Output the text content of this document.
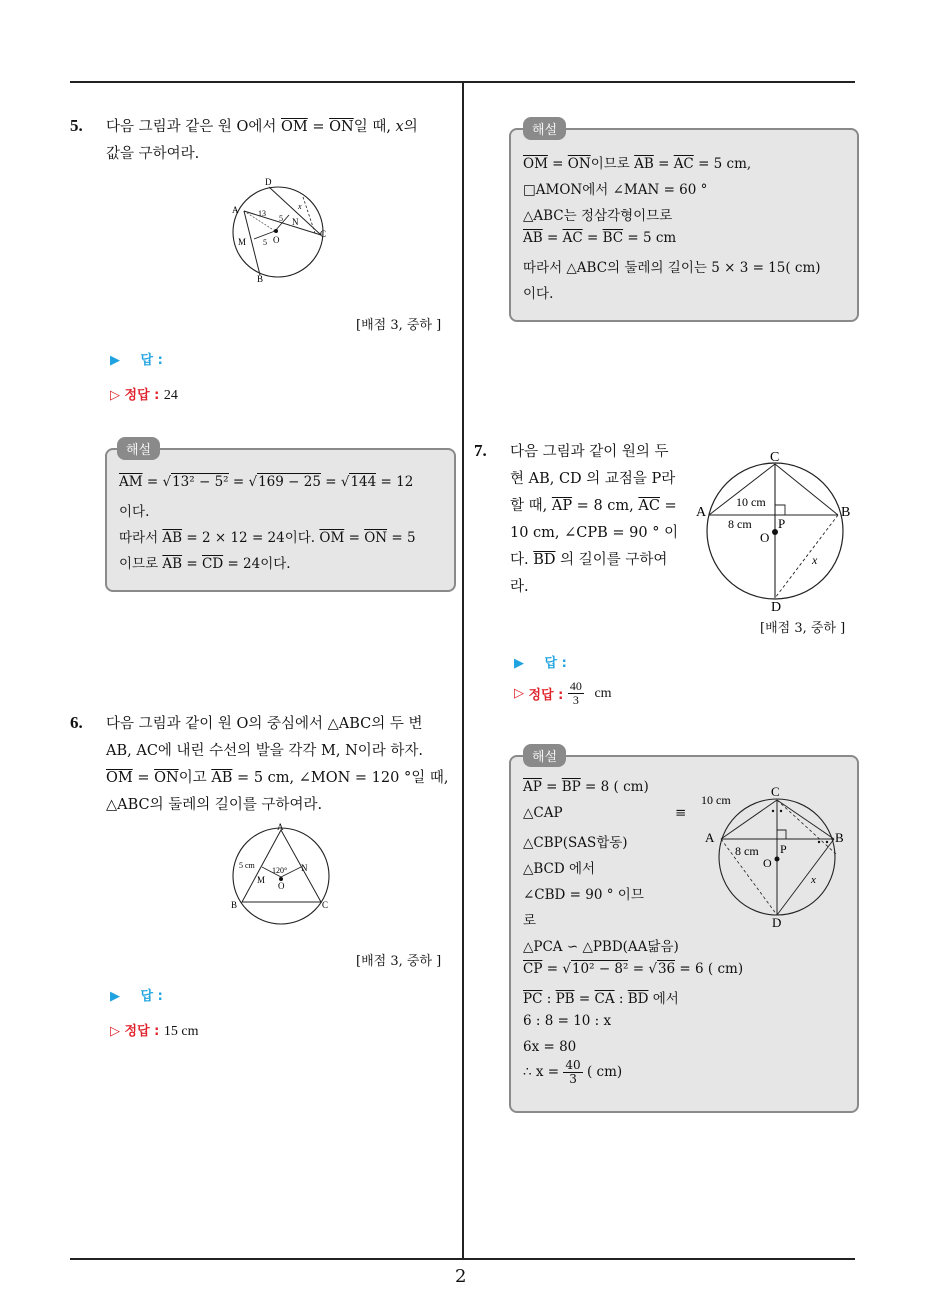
2
5. 다음 그림과 같은 원 O에서 $\overline{OM} = \overline{ON}$일 때, x의
값을 구하여라.
D
A
M	O
N
C
B
13
5
5
x
[배점 3, 중하 ]
▶ 답 :
▷ 정답 : 24
해설
$\overline{AM} = √13^2 - 5^2 = √169 - 25 = √144 = 12$
이다.
따라서 $\overline{AB} = 2 \times 12 = 24$이다. $\overline{OM} = \overline{ON} = 5$
이므로 $\overline{AB} = \overline{CD} = 24$이다.
6. 다음 그림과 같이 원 O의 중심에서 △ABC의 두 변
AB, AC에 내린 수선의 발을 각각 M, N이라 하자.
$\overline{OM} = \overline{ON}$이고 $\overline{AB} = 5$ cm, ∠MON = 120 °일 때,
△ABC의 둘레의 길이를 구하여라.
A
B	C
M
N
O
5 cm
120°
[배점 3, 중하 ]
▶ 답 :
▷ 정답 : 15 cm
해설
$\overline{OM} = \overline{ON}$이므로 $\overline{AB} = \overline{AC} = 5$ cm,
□AMON에서 ∠MAN = 60 °
△ABC는 정삼각형이므로
$\overline{AB} = \overline{AC} = \overline{BC} = 5$ cm
따라서 △ABC의 둘레의 길이는 5 × 3 = 15( cm)
이다.
7. 다음 그림과 같이 원의 두
현 AB, CD 의 교점을 P라
할 때, $\overline{AP} = 8$ cm, $\overline{AC}$ =
10 cm, ∠CPB = 90 ° 이
다. $\overline{BD}$ 의 길이를 구하여
라.
C
A	B
D
P
O
10 cm
8 cm
x
[배점 3, 중하 ]
▶ 답 :
▷ 정답 : $\frac{40}{3}$ cm
해설
$\overline{AP} = \overline{BP} = 8$ ( cm)
△CAP	≡
△CBP(SAS합동)
△BCD 에서
∠CBD = 90 ° 이므
로
△PCA ∽ △PBD(AA닮음)
$\overline{CP} = √10^2 - 8^2 = √36 = 6$ ( cm)
$\overline{PC}$ : $\overline{PB} = \overline{CA}$ : $\overline{BD}$ 에서
6 : 8 = 10 : x
6x = 80
∴ $x = \frac{40}{3}$ ( cm)
C
A	B
D
P
O
10 cm
8 cm
x
